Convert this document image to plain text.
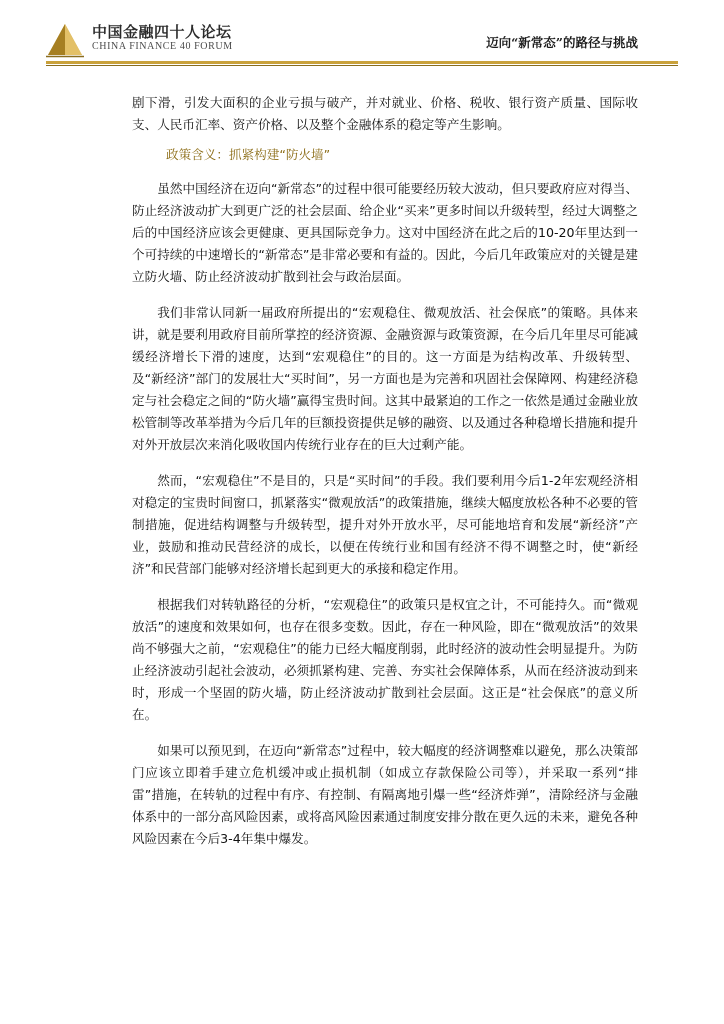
中国金融四十人论坛
CHINA FINANCE 40 FORUM	迈向“新常态”的路径与挑战

剧下滑，引发大面积的企业亏损与破产，并对就业、价格、税收、银行资产质量、国际收支、人民币汇率、资产价格、以及整个金融体系的稳定等产生影响。

政策含义：抓紧构建“防火墙”

虽然中国经济在迈向“新常态”的过程中很可能要经历较大波动，但只要政府应对得当、防止经济波动扩大到更广泛的社会层面、给企业“买来”更多时间以升级转型，经过大调整之后的中国经济应该会更健康、更具国际竞争力。这对中国经济在此之后的10-20年里达到一个可持续的中速增长的“新常态”是非常必要和有益的。因此，今后几年政策应对的关键是建立防火墙、防止经济波动扩散到社会与政治层面。

我们非常认同新一届政府所提出的“宏观稳住、微观放活、社会保底”的策略。具体来讲，就是要利用政府目前所掌控的经济资源、金融资源与政策资源，在今后几年里尽可能减缓经济增长下滑的速度，达到“宏观稳住”的目的。这一方面是为结构改革、升级转型、及“新经济”部门的发展壮大“买时间”，另一方面也是为完善和巩固社会保障网、构建经济稳定与社会稳定之间的“防火墙”赢得宝贵时间。这其中最紧迫的工作之一依然是通过金融业放松管制等改革举措为今后几年的巨额投资提供足够的融资、以及通过各种稳增长措施和提升对外开放层次来消化吸收国内传统行业存在的巨大过剩产能。

然而，“宏观稳住”不是目的，只是“买时间”的手段。我们要利用今后1-2年宏观经济相对稳定的宝贵时间窗口，抓紧落实“微观放活”的政策措施，继续大幅度放松各种不必要的管制措施，促进结构调整与升级转型，提升对外开放水平，尽可能地培育和发展“新经济”产业，鼓励和推动民营经济的成长，以便在传统行业和国有经济不得不调整之时，使“新经济”和民营部门能够对经济增长起到更大的承接和稳定作用。

根据我们对转轨路径的分析，“宏观稳住”的政策只是权宜之计，不可能持久。而“微观放活”的速度和效果如何，也存在很多变数。因此，存在一种风险，即在“微观放活”的效果尚不够强大之前，“宏观稳住”的能力已经大幅度削弱，此时经济的波动性会明显提升。为防止经济波动引起社会波动，必须抓紧构建、完善、夯实社会保障体系，从而在经济波动到来时，形成一个坚固的防火墙，防止经济波动扩散到社会层面。这正是“社会保底”的意义所在。

如果可以预见到，在迈向“新常态”过程中，较大幅度的经济调整难以避免，那么决策部门应该立即着手建立危机缓冲或止损机制（如成立存款保险公司等），并采取一系列“排雷”措施，在转轨的过程中有序、有控制、有隔离地引爆一些“经济炸弹”，清除经济与金融体系中的一部分高风险因素，或将高风险因素通过制度安排分散在更久远的未来，避免各种风险因素在今后3-4年集中爆发。
